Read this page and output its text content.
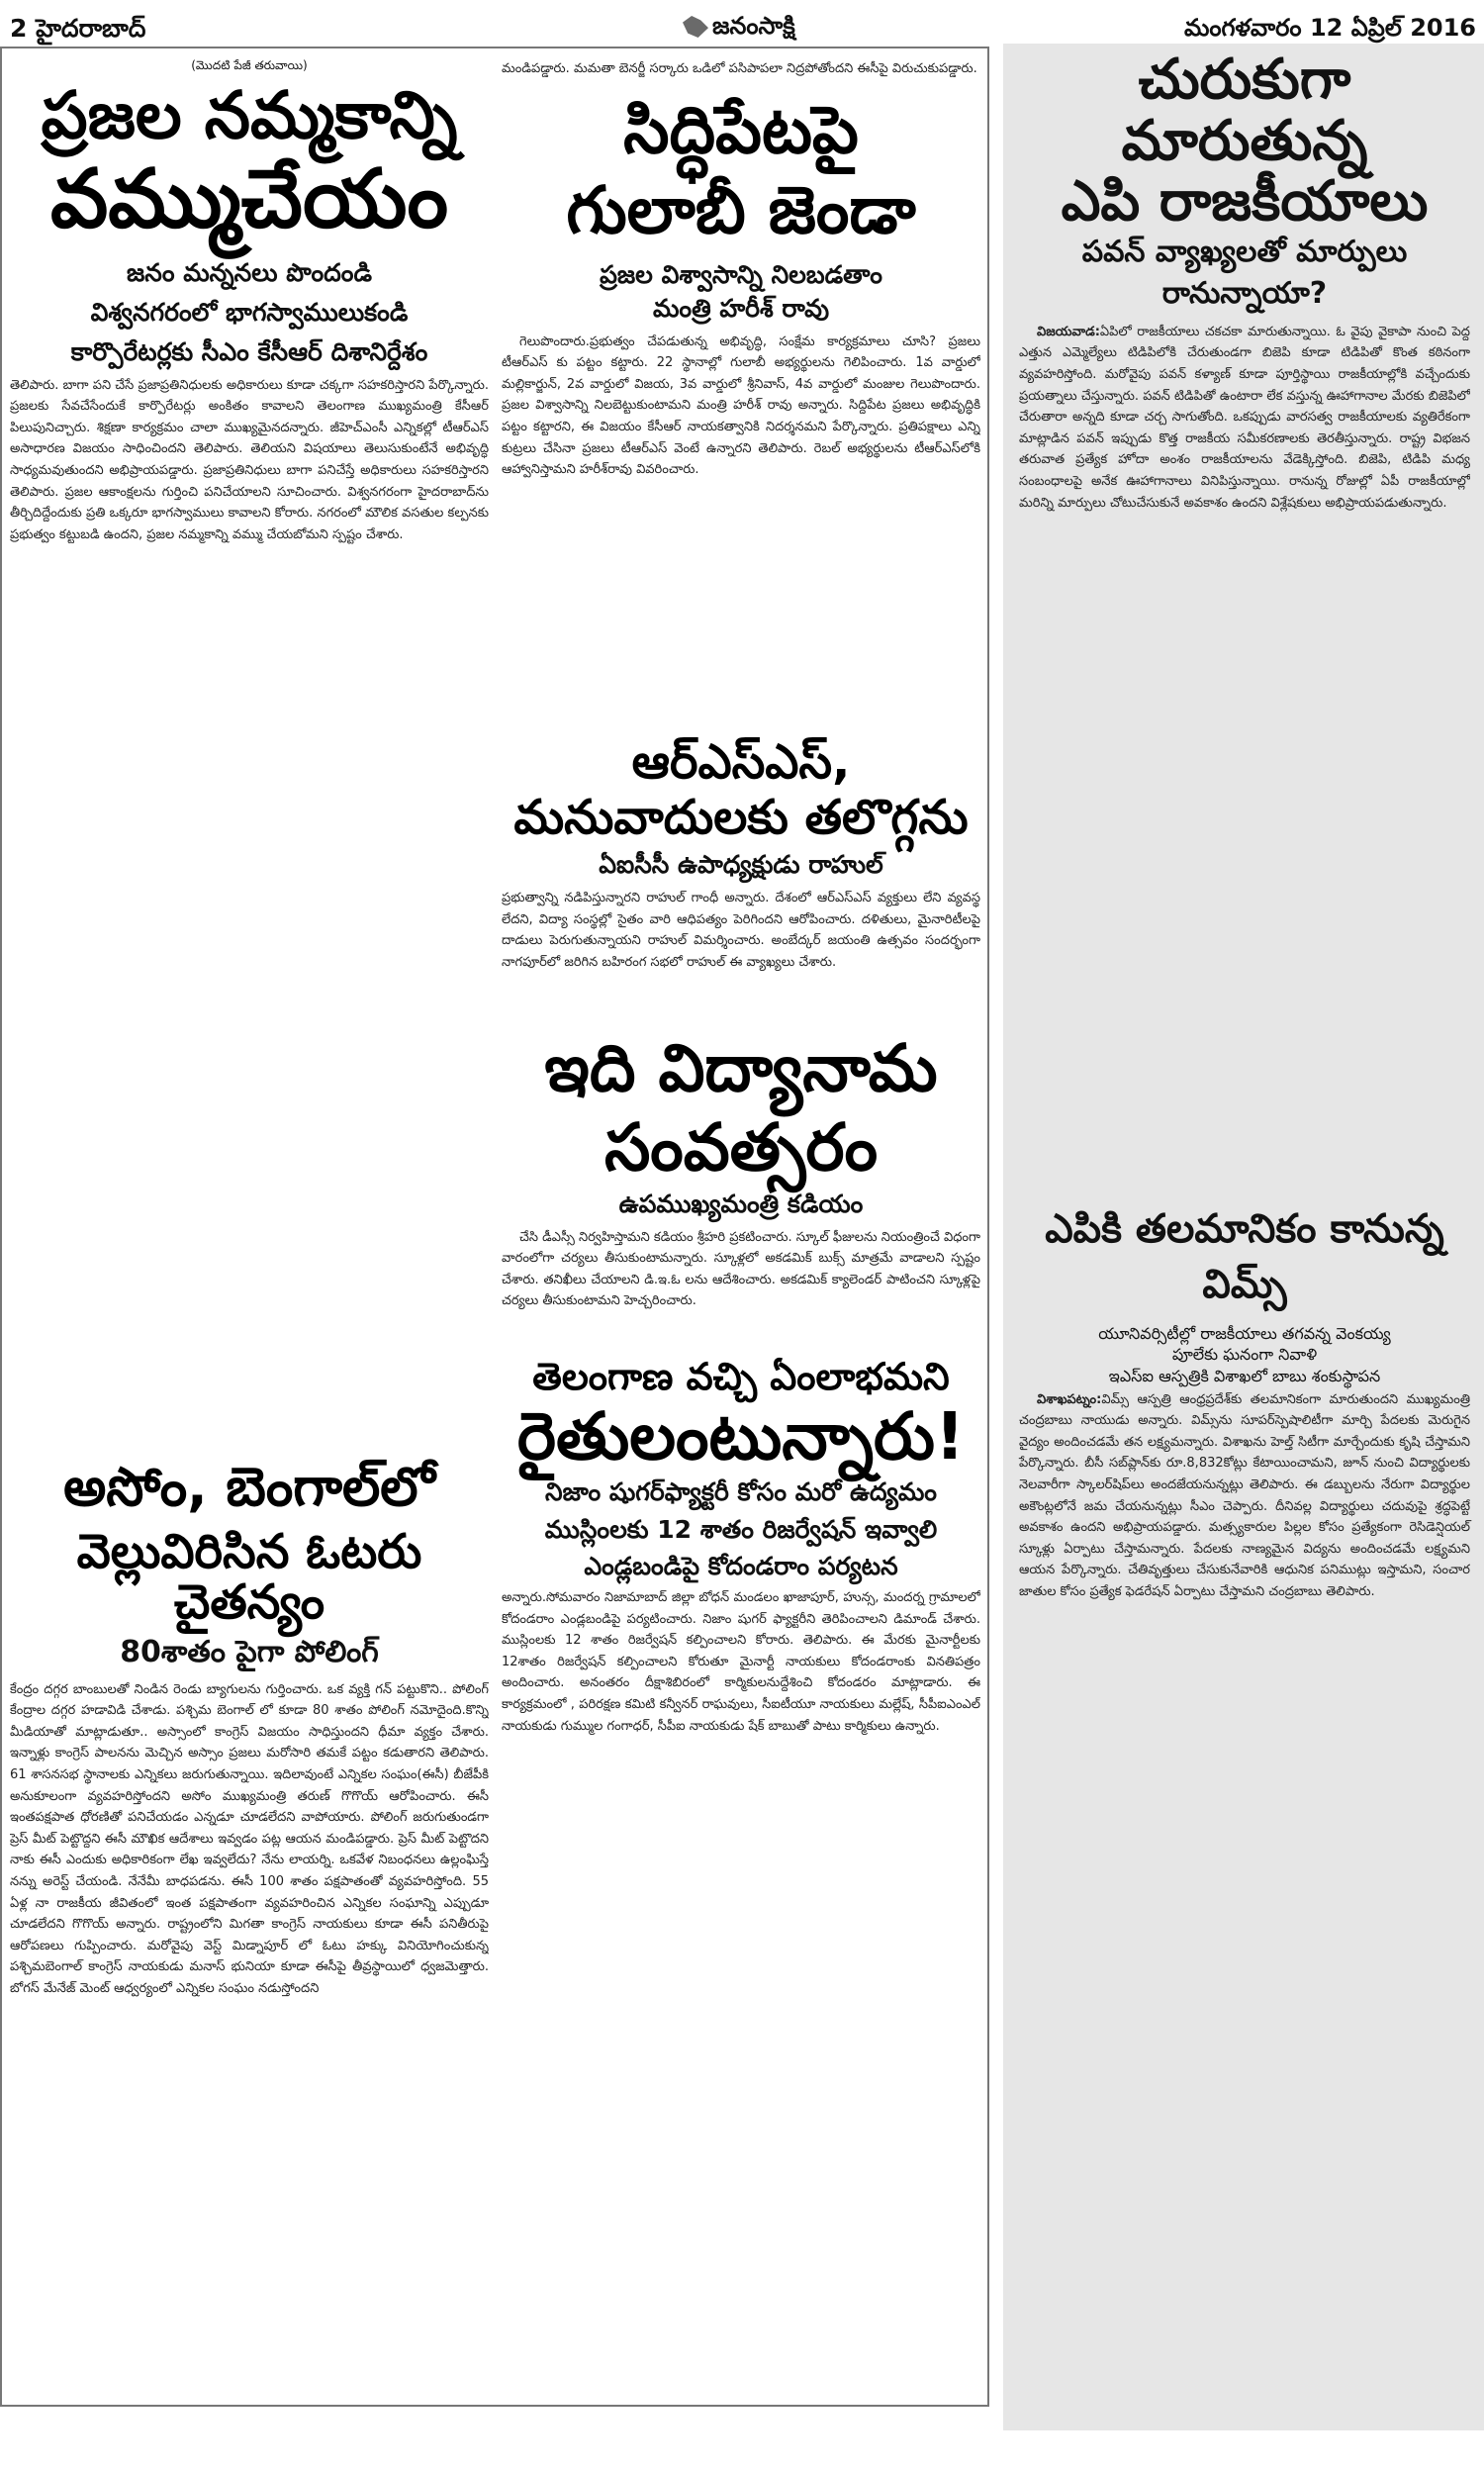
2 హైదరాబాద్	జనంసాక్షి	మంగళవారం 12 ఏప్రిల్ 2016
(మొదటి పేజీ తరువాయి)
ప్రజల నమ్మకాన్ని
వమ్ముచేయం
జనం మన్ననలు పొందండి
విశ్వనగరంలో భాగస్వాములుకండి
కార్పొరేటర్లకు సీఎం కేసీఆర్ దిశానిర్దేశం

తెలిపారు. బాగా పని చేసే ప్రజాప్రతినిధులకు అధికారులు కూడా చక్కగా సహకరిస్తారని పేర్కొన్నారు. ప్రజలకు సేవచేసేందుకే కార్పొరేటర్లు అంకితం కావాలని తెలంగాణ ముఖ్యమంత్రి కేసీఆర్ పిలుపునిచ్చారు. శిక్షణా కార్యక్రమం చాలా ముఖ్యమైనదన్నారు. జీహెచ్ఎంసీ ఎన్నికల్లో టీఆర్ఎస్ అసాధారణ విజయం సాధించిందని తెలిపారు. తెలియని విషయాలు తెలుసుకుంటేనే అభివృద్ధి సాధ్యమవుతుందని అభిప్రాయపడ్డారు. ప్రజాప్రతినిధులు బాగా పనిచేస్తే అధికారులు సహకరిస్తారని తెలిపారు. ప్రజల ఆకాంక్షలను గుర్తించి పనిచేయాలని సూచించారు. విశ్వనగరంగా హైదరాబాద్‌ను తీర్చిదిద్దేందుకు ప్రతి ఒక్కరూ భాగస్వాములు కావాలని కోరారు. నగరంలో మౌలిక వసతుల కల్పనకు ప్రభుత్వం కట్టుబడి ఉందని, ప్రజల నమ్మకాన్ని వమ్ము చేయబోమని స్పష్టం చేశారు.

అసోం, బెంగాల్‌లో
వెల్లువిరిసిన ఓటరు చైతన్యం
80శాతం పైగా పోలింగ్

కేంద్రం దగ్గర బాంబులతో నిండిన రెండు బ్యాగులను గుర్తించారు. ఒక వ్యక్తి గన్ పట్టుకొని.. పోలింగ్ కేంద్రాల దగ్గర హడావిడి చేశాడు. పశ్చిమ బెంగాల్ లో కూడా 80 శాతం పోలింగ్ నమోదైంది.కొన్ని మీడియాతో మాట్లాడుతూ.. అస్సాంలో కాంగ్రెస్ విజయం సాధిస్తుందని ధీమా వ్యక్తం చేశారు. ఇన్నాళ్లు కాంగ్రెస్ పాలనను మెచ్చిన అస్సాం ప్రజలు మరోసారి తమకే పట్టం కడుతారని తెలిపారు. 61 శాసనసభ స్థానాలకు ఎన్నికలు జరుగుతున్నాయి. ఇదిలావుంటే ఎన్నికల సంఘం(ఈసీ) బీజేపీకి అనుకూలంగా వ్యవహరిస్తోందని అసోం ముఖ్యమంత్రి తరుణ్ గొగొయ్ ఆరోపించారు. ఈసీ ఇంతపక్షపాత ధోరణితో పనిచేయడం ఎన్నడూ చూడలేదని వాపోయారు. పోలింగ్ జరుగుతుండగా ప్రెస్ మీట్ పెట్టొద్దని ఈసీ మౌఖిక ఆదేశాలు ఇవ్వడం పట్ల ఆయన మండిపడ్డారు. ప్రెస్ మీట్ పెట్టొదని నాకు ఈసీ ఎందుకు అధికారికంగా లేఖ ఇవ్వలేదు? నేను లాయర్ని. ఒకవేళ నిబంధనలు ఉల్లంఘిస్తే నన్ను అరెస్ట్ చేయండి. నేనేమీ బాధపడను. ఈసీ 100 శాతం పక్షపాతంతో వ్యవహరిస్తోంది. 55 ఏళ్ల నా రాజకీయ జీవితంలో ఇంత పక్షపాతంగా వ్యవహరించిన ఎన్నికల సంఘాన్ని ఎప్పుడూ చూడలేదని గొగొయ్ అన్నారు. రాష్ట్రంలోని మిగతా కాంగ్రెస్ నాయకులు కూడా ఈసీ పనితీరుపై ఆరోపణలు గుప్పించారు. మరోవైపు వెస్ట్ మిడ్నాపూర్ లో ఓటు హక్కు వినియోగించుకున్న పశ్చిమబెంగాల్ కాంగ్రెస్ నాయకుడు మనాస్ భునియా కూడా ఈసీపై తీవ్రస్థాయిలో ధ్వజమెత్తారు. బోగస్ మేనేజ్ మెంట్ ఆధ్వర్యంలో ఎన్నికల సంఘం నడుస్తోందని

మండిపడ్డారు. మమతా బెనర్జీ సర్కారు ఒడిలో పసిపాపలా నిద్రపోతోందని ఈసీపై విరుచుకుపడ్డారు.

సిద్ధిపేటపై
గులాబీ జెండా
ప్రజల విశ్వాసాన్ని నిలబడతాం
మంత్రి హరీశ్ రావు

గెలుపొందారు.ప్రభుత్వం చేపడుతున్న అభివృద్ధి, సంక్షేమ కార్యక్రమాలు చూసి? ప్రజలు టీఆర్ఎస్ కు పట్టం కట్టారు. 22 స్థానాల్లో గులాబీ అభ్యర్థులను గెలిపించారు. 1వ వార్డులో మల్లికార్జున్, 2వ వార్డులో విజయ, 3వ వార్డులో శ్రీనివాస్, 4వ వార్డులో మంజుల గెలుపొందారు. ప్రజల విశ్వాసాన్ని నిలబెట్టుకుంటామని మంత్రి హరీశ్ రావు అన్నారు. సిద్దిపేట ప్రజలు అభివృద్ధికి పట్టం కట్టారని, ఈ విజయం కేసీఆర్ నాయకత్వానికి నిదర్శనమని పేర్కొన్నారు. ప్రతిపక్షాలు ఎన్ని కుట్రలు చేసినా ప్రజలు టీఆర్ఎస్ వెంటే ఉన్నారని తెలిపారు. రెబల్ అభ్యర్థులను టీఆర్ఎస్‌లోకి ఆహ్వానిస్తామని హరీశ్‌రావు వివరించారు.

ఆర్ఎస్ఎస్,
మనువాదులకు తలొగ్గను
ఏఐసీసీ ఉపాధ్యక్షుడు రాహుల్

ప్రభుత్వాన్ని నడిపిస్తున్నారని రాహుల్ గాంధీ అన్నారు. దేశంలో ఆర్ఎస్ఎస్ వ్యక్తులు లేని వ్యవస్థ లేదని, విద్యా సంస్థల్లో సైతం వారి ఆధిపత్యం పెరిగిందని ఆరోపించారు. దళితులు, మైనారిటీలపై దాడులు పెరుగుతున్నాయని రాహుల్ విమర్శించారు. అంబేద్కర్ జయంతి ఉత్సవం సందర్భంగా నాగపూర్‌లో జరిగిన బహిరంగ సభలో రాహుల్ ఈ వ్యాఖ్యలు చేశారు.

ఇది విద్యానామ
సంవత్సరం
ఉపముఖ్యమంత్రి కడియం

చేసి డీఎస్సీ నిర్వహిస్తామని కడియం శ్రీహరి ప్రకటించారు. స్కూల్ ఫీజులను నియంత్రించే విధంగా వారంలోగా చర్యలు తీసుకుంటామన్నారు. స్కూళ్లలో అకడమిక్ బుక్స్ మాత్రమే వాడాలని స్పష్టం చేశారు. తనిఖీలు చేయాలని డి.ఇ.ఓ లను ఆదేశించారు. అకడమిక్ క్యాలెండర్ పాటించని స్కూళ్లపై చర్యలు తీసుకుంటామని హెచ్చరించారు.

తెలంగాణ వచ్చి ఏంలాభమని
రైతులంటున్నారు!
నిజాం షుగర్‌ఫ్యాక్టరీ కోసం మరో ఉద్యమం
ముస్లింలకు 12 శాతం రిజర్వేషన్ ఇవ్వాలి
ఎండ్లబండిపై కోదండరాం పర్యటన

అన్నారు.సోమవారం నిజామాబాద్ జిల్లా బోధన్ మండలం ఖాజాపూర్, హున్స, మందర్న గ్రామాలలో కోదండరాం ఎండ్లబండిపై పర్యటించారు. నిజాం షుగర్ ఫ్యాక్టరీని తెరిపించాలని డిమాండ్ చేశారు. ముస్లింలకు 12 శాతం రిజర్వేషన్ కల్పించాలని కోరారు. తెలిపారు. ఈ మేరకు మైనార్టీలకు 12శాతం రిజర్వేషన్ కల్పించాలని కోరుతూ మైనార్టీ నాయకులు కోదండరాంకు వినతిపత్రం అందించారు. అనంతరం దీక్షాశిబిరంలో కార్మికులనుద్దేశించి కోదండరం మాట్లాడారు. ఈ కార్యక్రమంలో , పరిరక్షణ కమిటి కన్వీనర్ రాఘవులు, సీఐటీయూ నాయకులు మల్లేష్, సీపీఐఎంఎల్ నాయకుడు గుమ్ముల గంగాధర్, సీపీఐ నాయకుడు షేక్ బాబుతో పాటు కార్మికులు ఉన్నారు.

చురుకుగా మారుతున్న
ఎపి రాజకీయాలు
పవన్ వ్యాఖ్యలతో మార్పులు రానున్నాయా?

విజయవాడ:ఏపిలో రాజకీయాలు చకచకా మారుతున్నాయి. ఓ వైపు వైకాపా నుంచి పెద్ద ఎత్తున ఎమ్మెల్యేలు టిడిపిలోకి చేరుతుండగా బిజెపి కూడా టిడిపితో కొంత కఠినంగా వ్యవహరిస్తోంది. మరోవైపు పవన్ కళ్యాణ్ కూడా పూర్తిస్థాయి రాజకీయాల్లోకి వచ్చేందుకు ప్రయత్నాలు చేస్తున్నారు. పవన్ టిడిపితో ఉంటారా లేక వస్తున్న ఊహాగానాల మేరకు బిజెపిలో చేరుతారా అన్నది కూడా చర్చ సాగుతోంది. ఒకప్పుడు వారసత్వ రాజకీయాలకు వ్యతిరేకంగా మాట్లాడిన పవన్ ఇప్పుడు కొత్త రాజకీయ సమీకరణాలకు తెరతీస్తున్నారు. రాష్ట్ర విభజన తరువాత ప్రత్యేక హోదా అంశం రాజకీయాలను వేడెక్కిస్తోంది. బిజెపి, టిడిపి మధ్య సంబంధాలపై అనేక ఊహాగానాలు వినిపిస్తున్నాయి. రానున్న రోజుల్లో ఏపీ రాజకీయాల్లో మరిన్ని మార్పులు చోటుచేసుకునే అవకాశం ఉందని విశ్లేషకులు అభిప్రాయపడుతున్నారు.

ఎపికి తలమానికం కానున్న విమ్స్

యూనివర్సిటీల్లో రాజకీయాలు తగవన్న వెంకయ్య

పూలేకు ఘనంగా నివాళి

ఇఎస్ఐ ఆస్పత్రికి విశాఖలో బాబు శంకుస్థాపన

విశాఖపట్నం:విమ్స్ ఆస్పత్రి ఆంధ్రప్రదేశ్‌కు తలమానికంగా మారుతుందని ముఖ్యమంత్రి చంద్రబాబు నాయుడు అన్నారు. విమ్స్‌ను సూపర్‌స్పెషాలిటీగా మార్చి పేదలకు మెరుగైన వైద్యం అందించడమే తన లక్ష్యమన్నారు. విశాఖను హెల్త్ సిటీగా మార్చేందుకు కృషి చేస్తామని పేర్కొన్నారు. బీసీ సబ్‌ప్లాన్‌కు రూ.8,832కోట్లు కేటాయించామని, జూన్ నుంచి విద్యార్థులకు నెలవారీగా స్కాలర్‌షిప్‌లు అందజేయనున్నట్లు తెలిపారు. ఈ డబ్బులను నేరుగా విద్యార్థుల అకౌంట్లలోనే జమ చేయనున్నట్లు సీఎం చెప్పారు. దీనివల్ల విద్యార్థులు చదువుపై శ్రద్ధపెట్టే అవకాశం ఉందని అభిప్రాయపడ్డారు. మత్స్యకారుల పిల్లల కోసం ప్రత్యేకంగా రెసిడెన్షియల్ స్కూళ్లు ఏర్పాటు చేస్తామన్నారు. పేదలకు నాణ్యమైన విద్యను అందించడమే లక్ష్యమని ఆయన పేర్కొన్నారు. చేతివృత్తులు చేసుకునేవారికి ఆధునిక పనిముట్లు ఇస్తామని, సంచార జాతుల కోసం ప్రత్యేక ఫెడరేషన్ ఏర్పాటు చేస్తామని చంద్రబాబు తెలిపారు.
